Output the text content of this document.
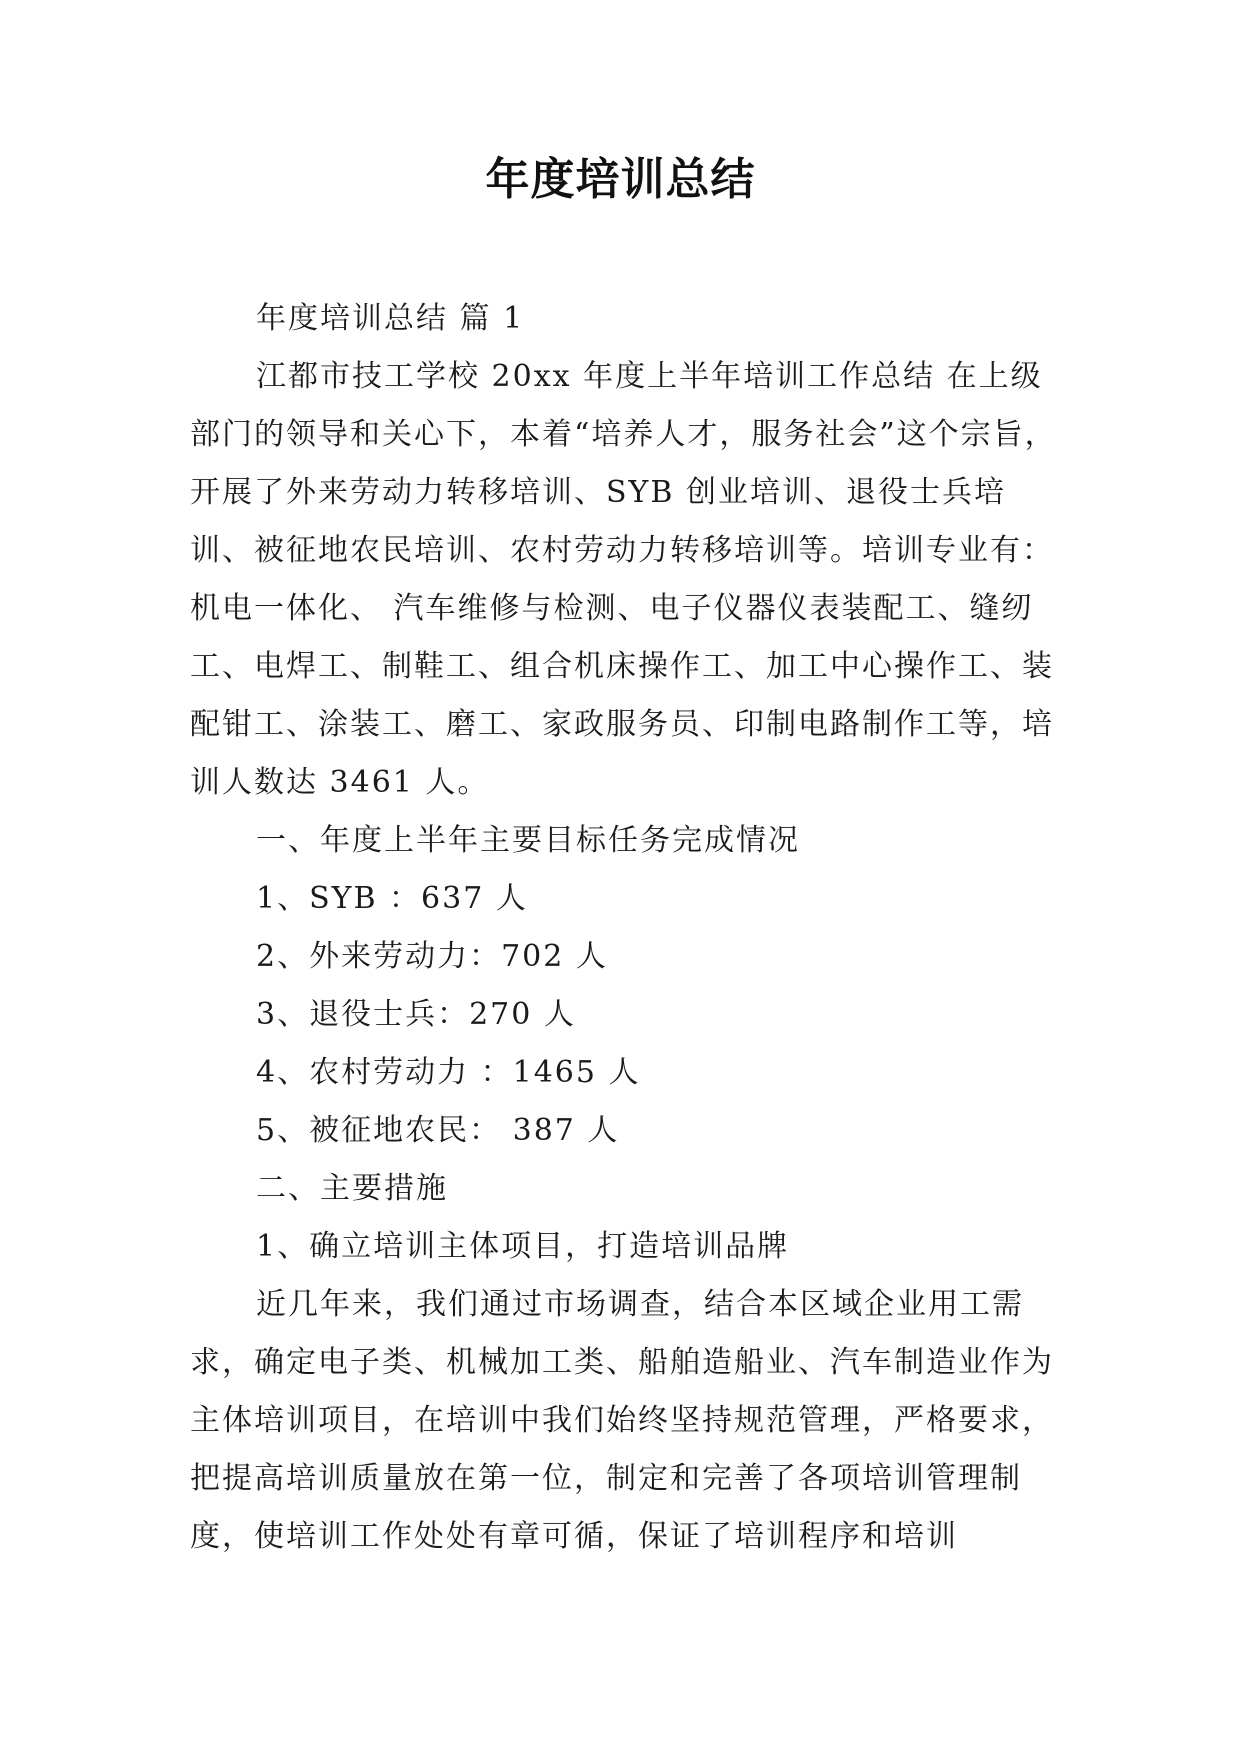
年度培训总结

年度培训总结 篇 1

江都市技工学校 20xx 年度上半年培训工作总结 在上级部门的领导和关心下，本着“培养人才，服务社会”这个宗旨，开展了外来劳动力转移培训、SYB 创业培训、退役士兵培训、被征地农民培训、农村劳动力转移培训等。培训专业有：机电一体化、 汽车维修与检测、电子仪器仪表装配工、缝纫工、电焊工、制鞋工、组合机床操作工、加工中心操作工、装配钳工、涂装工、磨工、家政服务员、印制电路制作工等，培训人数达 3461 人。

一、年度上半年主要目标任务完成情况

1、SYB ：637 人

2、外来劳动力：702 人

3、退役士兵：270 人

4、农村劳动力 ：1465 人

5、被征地农民： 387 人

二、主要措施

1、确立培训主体项目，打造培训品牌

近几年来，我们通过市场调查，结合本区域企业用工需求，确定电子类、机械加工类、船舶造船业、汽车制造业作为主体培训项目，在培训中我们始终坚持规范管理，严格要求，把提高培训质量放在第一位，制定和完善了各项培训管理制度，使培训工作处处有章可循，保证了培训程序和培训
